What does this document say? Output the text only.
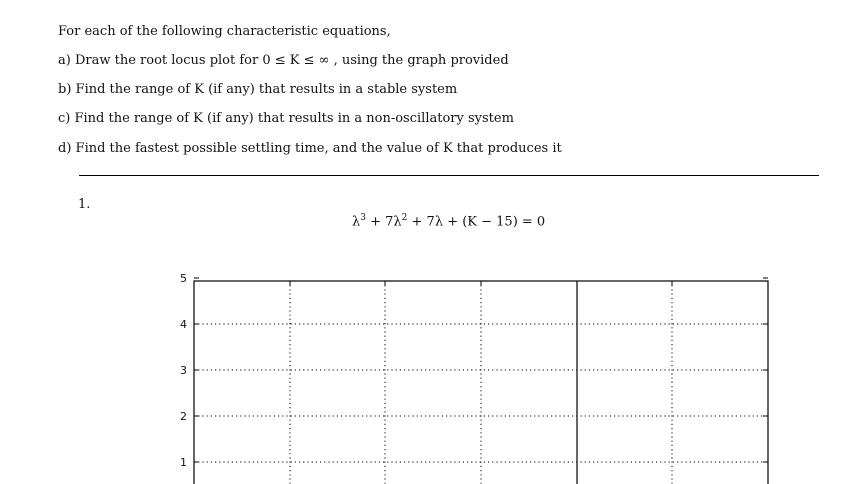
For each of the following characteristic equations,
a) Draw the root locus plot for 0 ≤ K ≤ ∞ , using the graph provided
b) Find the range of K (if any) that results in a stable system
c) Find the range of K (if any) that results in a non-oscillatory system
d) Find the fastest possible settling time, and the value of K that produces it
1.
$\lambda^3 + 7\lambda^2 + 7\lambda + (K - 15) = 0$
5
4
3
2
1
